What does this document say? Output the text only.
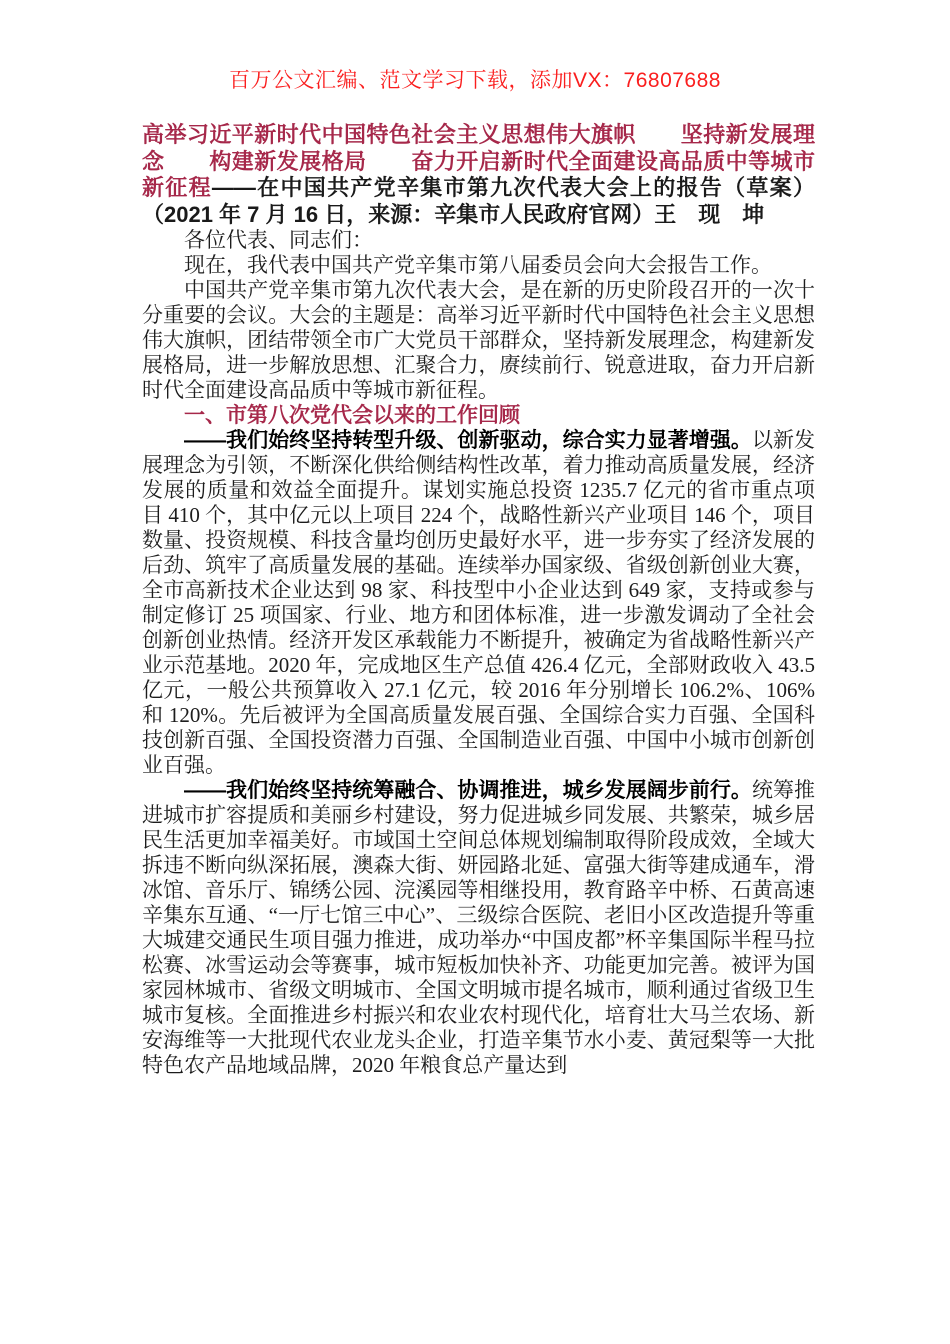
百万公文汇编、范文学习下载，添加VX：76807688

高举习近平新时代中国特色社会主义思想伟大旗帜　　坚持新发展理念　　构建新发展格局　　奋力开启新时代全面建设高品质中等城市新征程——在中国共产党辛集市第九次代表大会上的报告（草案）（2021 年 7 月 16 日，来源：辛集市人民政府官网）王　现　坤

各位代表、同志们：

现在，我代表中国共产党辛集市第八届委员会向大会报告工作。

中国共产党辛集市第九次代表大会，是在新的历史阶段召开的一次十分重要的会议。大会的主题是：高举习近平新时代中国特色社会主义思想伟大旗帜，团结带领全市广大党员干部群众，坚持新发展理念，构建新发展格局，进一步解放思想、汇聚合力，赓续前行、锐意进取，奋力开启新时代全面建设高品质中等城市新征程。

一、市第八次党代会以来的工作回顾

——我们始终坚持转型升级、创新驱动，综合实力显著增强。以新发展理念为引领，不断深化供给侧结构性改革，着力推动高质量发展，经济发展的质量和效益全面提升。谋划实施总投资 1235.7 亿元的省市重点项目 410 个，其中亿元以上项目 224 个，战略性新兴产业项目 146 个，项目数量、投资规模、科技含量均创历史最好水平，进一步夯实了经济发展的后劲、筑牢了高质量发展的基础。连续举办国家级、省级创新创业大赛，全市高新技术企业达到 98 家、科技型中小企业达到 649 家，支持或参与制定修订 25 项国家、行业、地方和团体标准，进一步激发调动了全社会创新创业热情。经济开发区承载能力不断提升，被确定为省战略性新兴产业示范基地。2020 年，完成地区生产总值 426.4 亿元，全部财政收入 43.5 亿元，一般公共预算收入 27.1 亿元，较 2016 年分别增长 106.2%、106%和 120%。先后被评为全国高质量发展百强、全国综合实力百强、全国科技创新百强、全国投资潜力百强、全国制造业百强、中国中小城市创新创业百强。

——我们始终坚持统筹融合、协调推进，城乡发展阔步前行。统筹推进城市扩容提质和美丽乡村建设，努力促进城乡同发展、共繁荣，城乡居民生活更加幸福美好。市域国土空间总体规划编制取得阶段成效，全域大拆违不断向纵深拓展，澳森大街、妍园路北延、富强大街等建成通车，滑冰馆、音乐厅、锦绣公园、浣溪园等相继投用，教育路辛中桥、石黄高速辛集东互通、“一厅七馆三中心”、三级综合医院、老旧小区改造提升等重大城建交通民生项目强力推进，成功举办“中国皮都”杯辛集国际半程马拉松赛、冰雪运动会等赛事，城市短板加快补齐、功能更加完善。被评为国家园林城市、省级文明城市、全国文明城市提名城市，顺利通过省级卫生城市复核。全面推进乡村振兴和农业农村现代化，培育壮大马兰农场、新安海维等一大批现代农业龙头企业，打造辛集节水小麦、黄冠梨等一大批特色农产品地域品牌，2020 年粮食总产量达到
